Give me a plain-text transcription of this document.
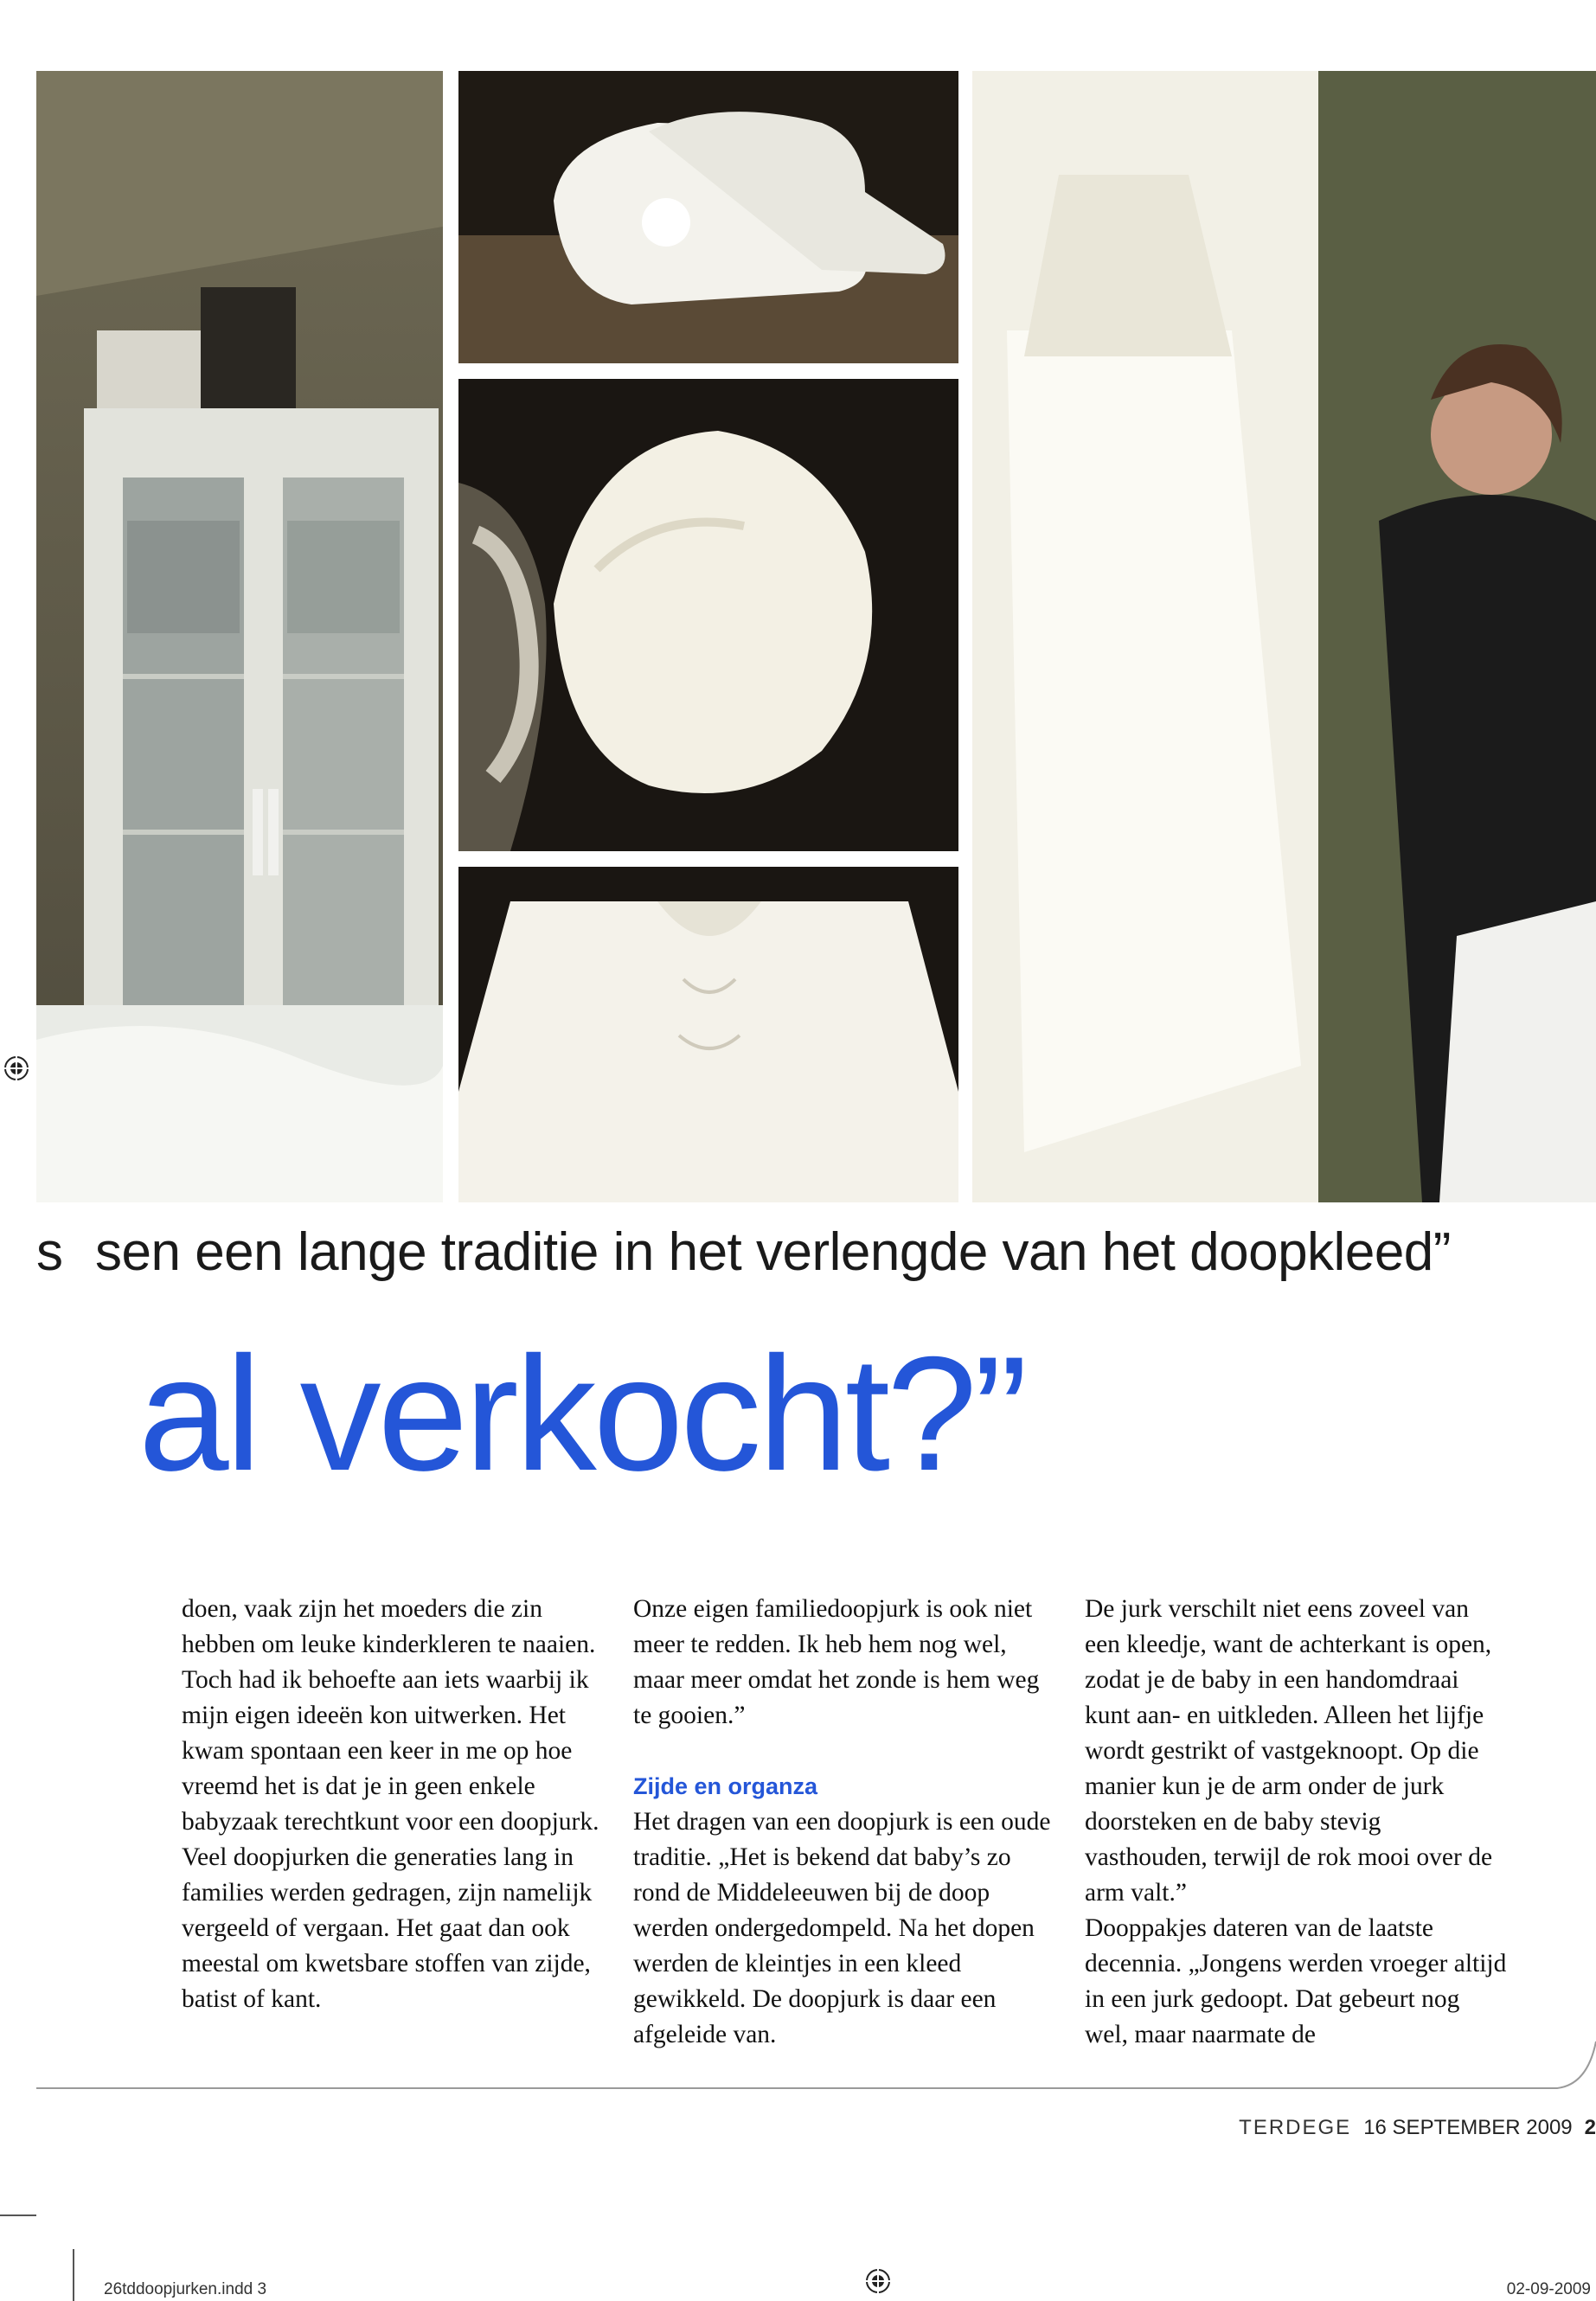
s sen een lange traditie in het verlengde van het doopkleed”
al verkocht?”

doen, vaak zijn het moeders die zin hebben om leuke kinderkleren te naaien. Toch had ik behoefte aan iets waarbij ik mijn eigen ideeën kon uitwerken. Het kwam spontaan een keer in me op hoe vreemd het is dat je in geen enkele babyzaak terechtkunt voor een doopjurk. Veel doopjurken die generaties lang in families werden gedragen, zijn namelijk vergeeld of vergaan. Het gaat dan ook meestal om kwetsbare stoffen van zijde, batist of kant.

Onze eigen familiedoopjurk is ook niet meer te redden. Ik heb hem nog wel, maar meer omdat het zonde is hem weg te gooien.”

Zijde en organza

Het dragen van een doopjurk is een oude traditie. „Het is bekend dat baby’s zo rond de Middeleeuwen bij de doop werden ondergedompeld. Na het dopen werden de kleintjes in een kleed gewikkeld. De doopjurk is daar een afgeleide van.

De jurk verschilt niet eens zoveel van een kleedje, want de achterkant is open, zodat je de baby in een handomdraai kunt aan- en uitkleden. Alleen het lijfje wordt gestrikt of vastgeknoopt. Op die manier kun je de arm onder de jurk doorsteken en de baby stevig vasthouden, terwijl de rok mooi over de arm valt.”

Dooppakjes dateren van de laatste decennia. „Jongens werden vroeger altijd in een jurk gedoopt. Dat gebeurt nog wel, maar naarmate de

TERDEGE 16 SEPTEMBER 2009 2
26tddoopjurken.indd 3	02-09-2009
